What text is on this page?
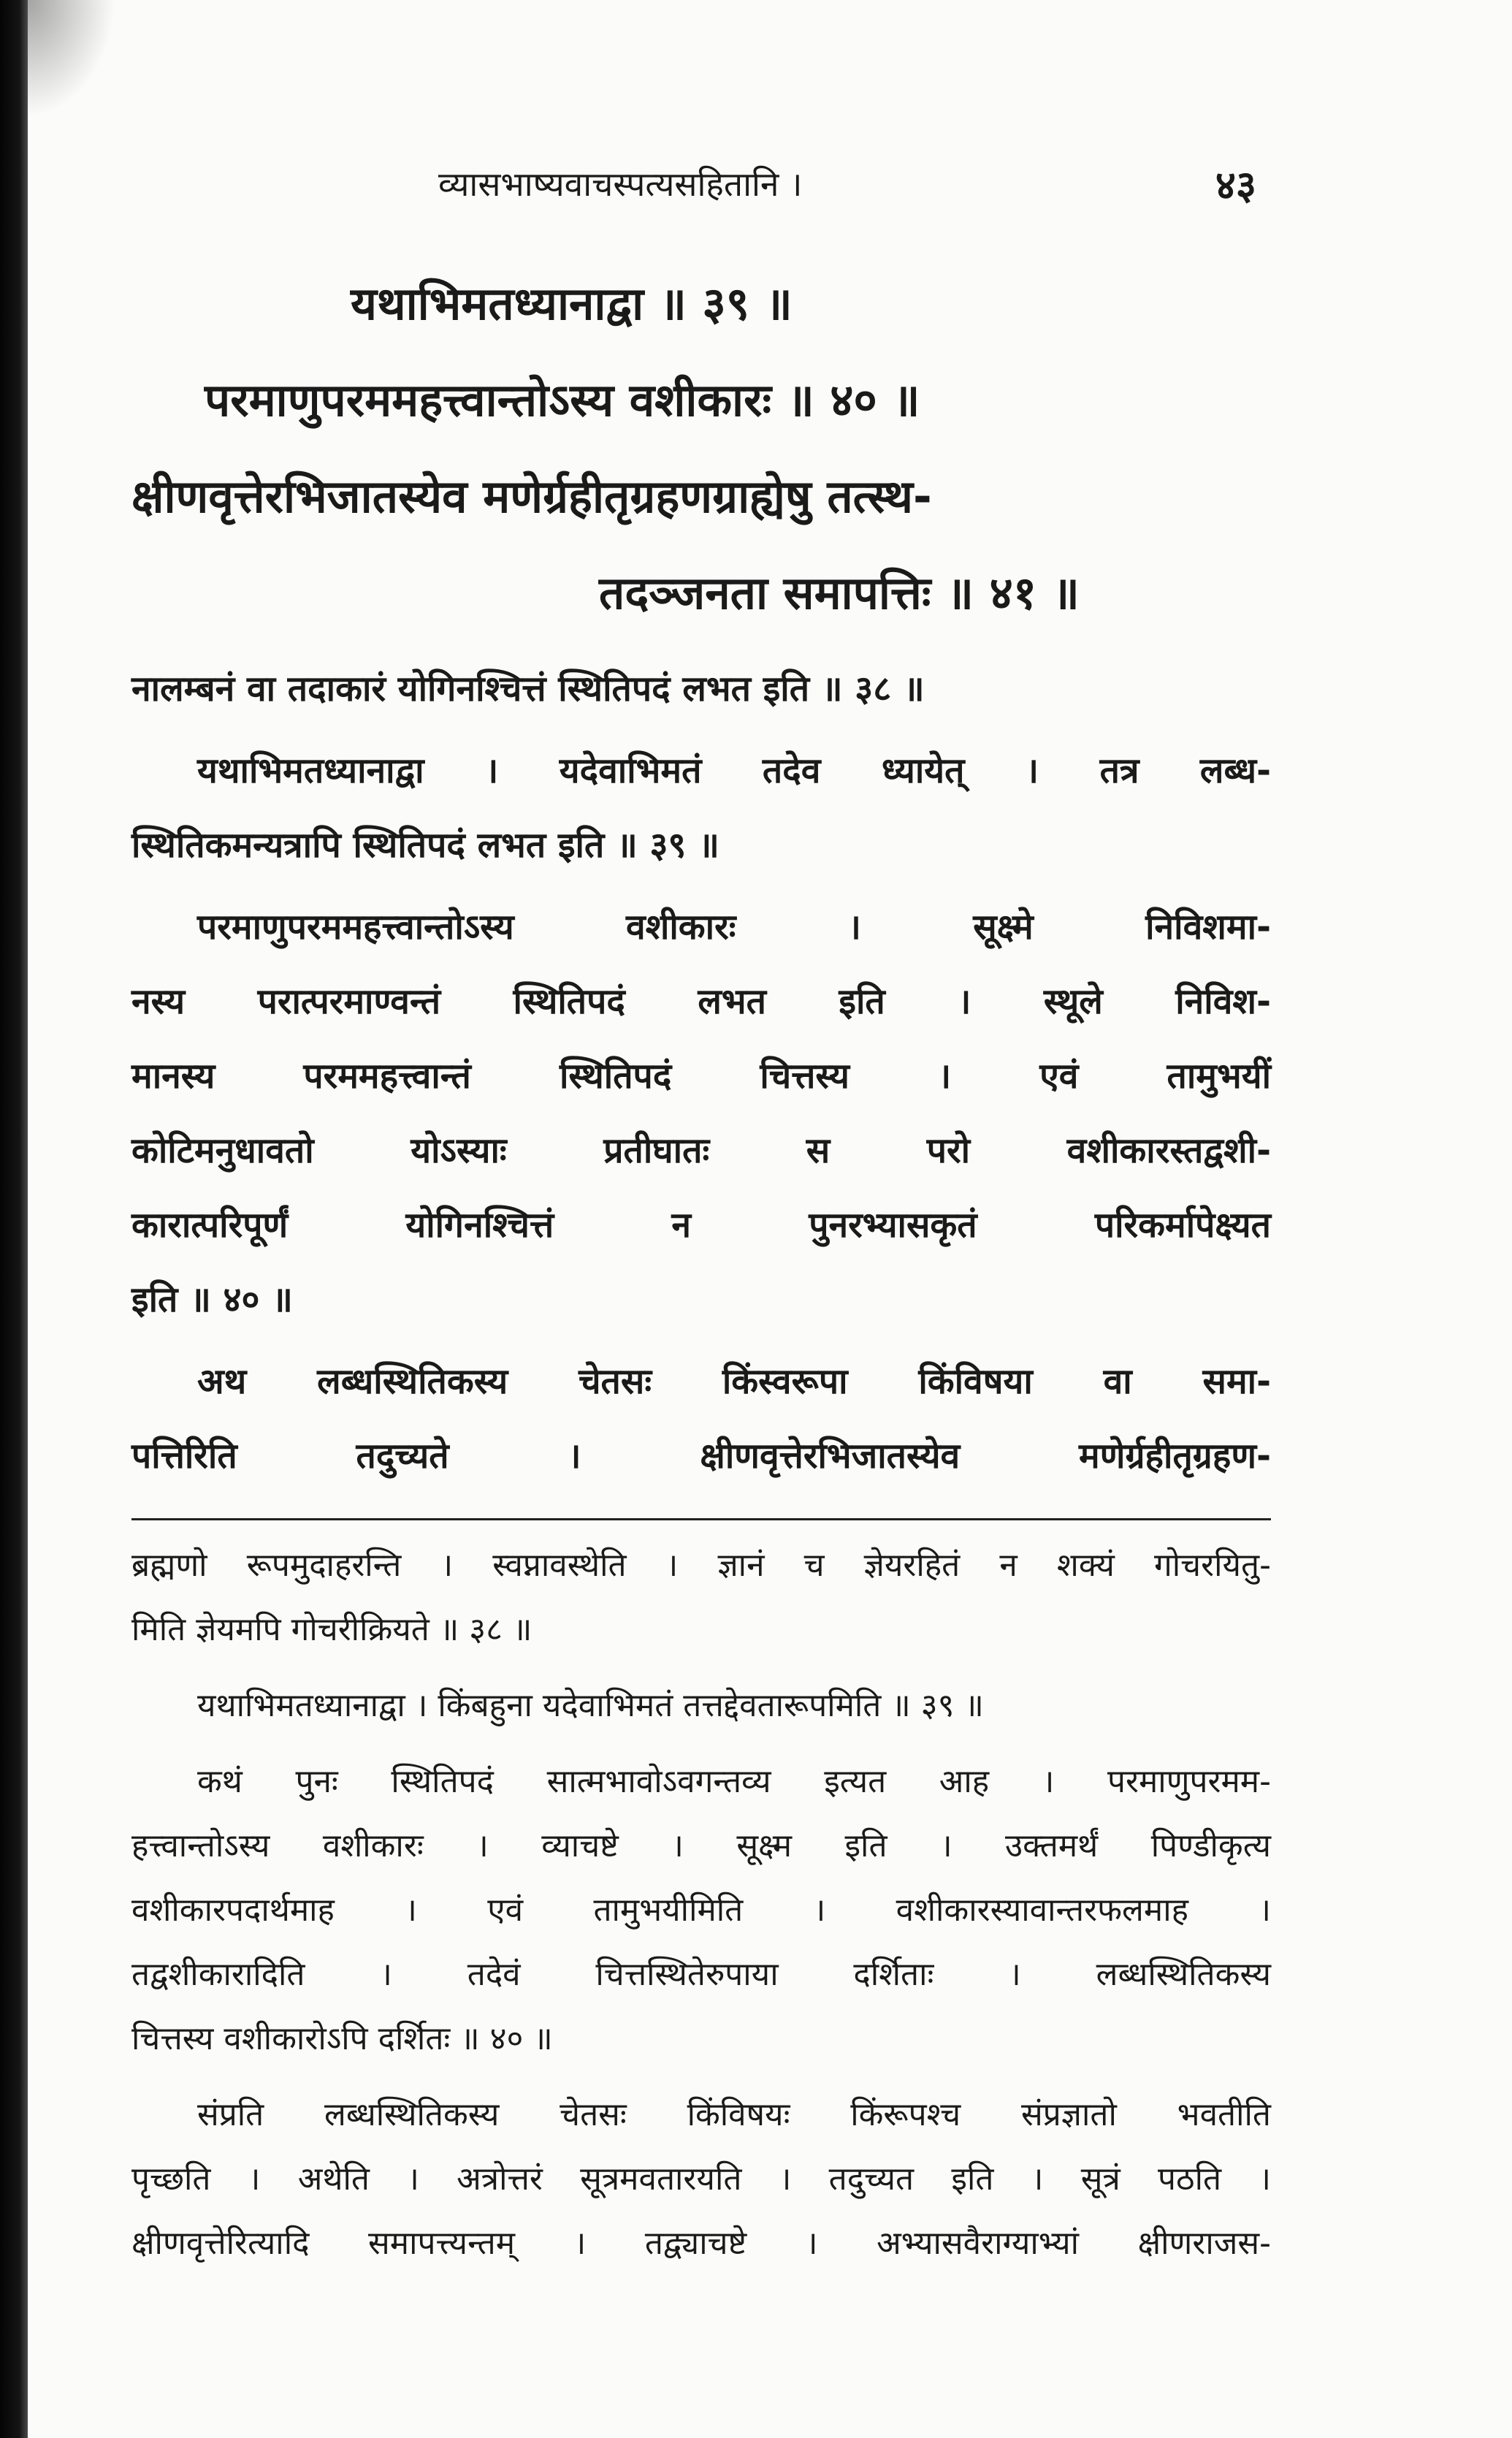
व्यासभाष्यवाचस्पत्यसहितानि ।	४३
यथाभिमतध्यानाद्वा ॥ ३९ ॥
परमाणुपरममहत्त्वान्तोऽस्य वशीकारः ॥ ४० ॥
क्षीणवृत्तेरभिजातस्येव मणेर्ग्रहीतृग्रहणग्राह्येषु तत्स्थ-
तदञ्जनता समापत्तिः ॥ ४१ ॥

नालम्बनं वा तदाकारं योगिनश्चित्तं स्थितिपदं लभत इति ॥ ३८ ॥

यथाभिमतध्यानाद्वा । यदेवाभिमतं तदेव ध्यायेत् । तत्र लब्ध-

स्थितिकमन्यत्रापि स्थितिपदं लभत इति ॥ ३९ ॥

परमाणुपरममहत्त्वान्तोऽस्य वशीकारः । सूक्ष्मे निविशमा-

नस्य परात्परमाण्वन्तं स्थितिपदं लभत इति । स्थूले निविश-

मानस्य परममहत्त्वान्तं स्थितिपदं चित्तस्य । एवं तामुभयीं

कोटिमनुधावतो योऽस्याः प्रतीघातः स परो वशीकारस्तद्वशी-

कारात्परिपूर्णं योगिनश्चित्तं न पुनरभ्यासकृतं परिकर्मापेक्ष्यत

इति ॥ ४० ॥

अथ लब्धस्थितिकस्य चेतसः किंस्वरूपा किंविषया वा समा-

पत्तिरिति तदुच्यते । क्षीणवृत्तेरभिजातस्येव मणेर्ग्रहीतृग्रहण-

ब्रह्मणो रूपमुदाहरन्ति । स्वप्नावस्थेति । ज्ञानं च ज्ञेयरहितं न शक्यं गोचरयितु-

मिति ज्ञेयमपि गोचरीक्रियते ॥ ३८ ॥

यथाभिमतध्यानाद्वा । किंबहुना यदेवाभिमतं तत्तद्देवतारूपमिति ॥ ३९ ॥

कथं पुनः स्थितिपदं सात्मभावोऽवगन्तव्य इत्यत आह । परमाणुपरमम-

हत्त्वान्तोऽस्य वशीकारः । व्याचष्टे । सूक्ष्म इति । उक्तमर्थं पिण्डीकृत्य

वशीकारपदार्थमाह । एवं तामुभयीमिति । वशीकारस्यावान्तरफलमाह ।

तद्वशीकारादिति । तदेवं चित्तस्थितेरुपाया दर्शिताः । लब्धस्थितिकस्य

चित्तस्य वशीकारोऽपि दर्शितः ॥ ४० ॥

संप्रति लब्धस्थितिकस्य चेतसः किंविषयः किंरूपश्च संप्रज्ञातो भवतीति

पृच्छति । अथेति । अत्रोत्तरं सूत्रमवतारयति । तदुच्यत इति । सूत्रं पठति ।

क्षीणवृत्तेरित्यादि समापत्त्यन्तम् । तद्व्याचष्टे । अभ्यासवैराग्याभ्यां क्षीणराजस-
